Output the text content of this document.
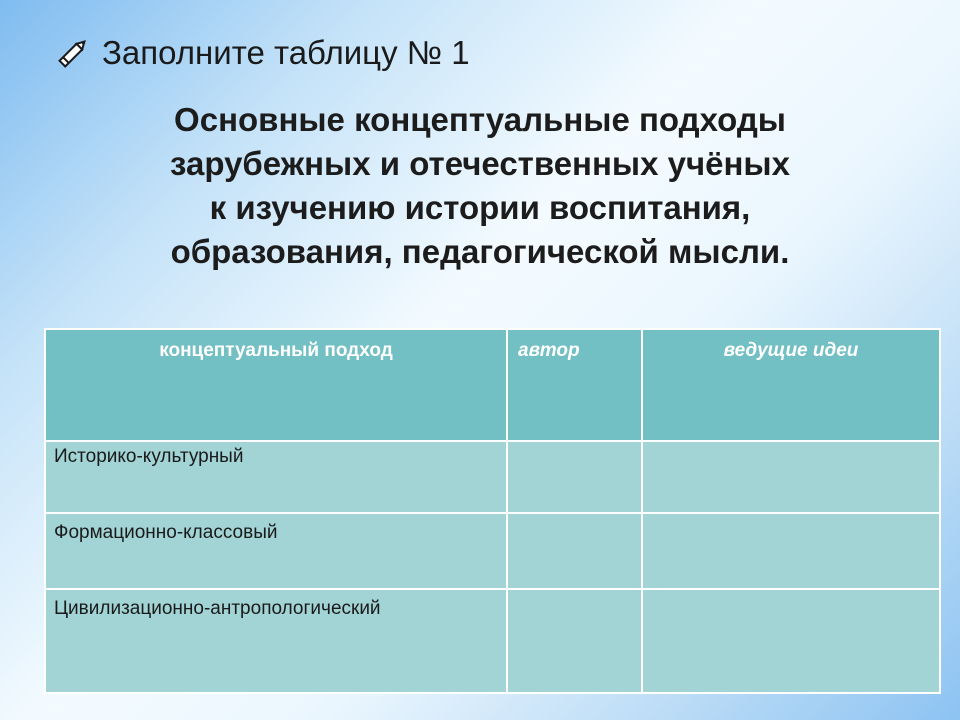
Заполните таблицу № 1
Основные концептуальные подходы
зарубежных и отечественных учёных
к изучению истории воспитания,
образования, педагогической мысли.
концептуальный подход	автор	ведущие идеи
Историко-культурный		
Формационно-классовый		
Цивилизационно-антропологический		
